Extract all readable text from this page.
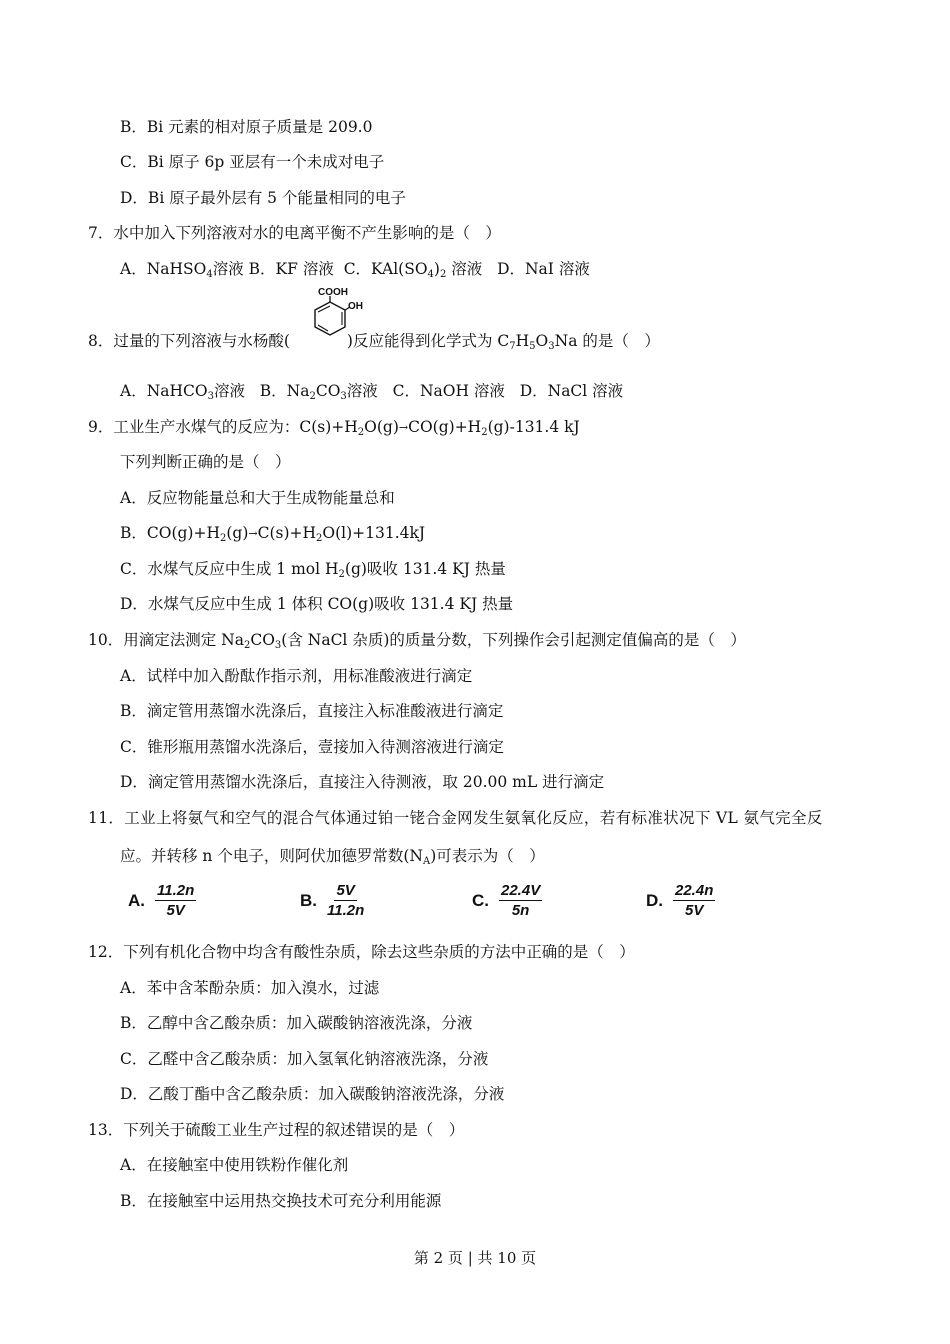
B．Bi 元素的相对原子质量是 209.0
C．Bi 原子 6p 亚层有一个未成对电子
D．Bi 原子最外层有 5 个能量相同的电子
7．水中加入下列溶液对水的电离平衡不产生影响的是（　）
A．NaHSO$_4$溶液 B．KF 溶液 C．$KAl(SO_4)_2$ 溶液 D．NaI 溶液
COOH
OH
8．过量的下列溶液与水杨酸(	)反应能得到化学式为 $C_7H_5O_3Na$ 的是（　）
A．NaHCO$_3$溶液 B．$Na_2CO_3$溶液 C．NaOH 溶液 D．NaCl 溶液
9．工业生产水煤气的反应为：$C(s)+H_2O(g)\to CO(g)+H_2(g)-131.4$ kJ
下列判断正确的是（　）
A．反应物能量总和大于生成物能量总和
B．$CO(g)+H_2(g)\to C(s)+H_2O(l)+131.4kJ$
C．水煤气反应中生成 1 mol $H_2(g)$吸收 131.4 KJ 热量
D．水煤气反应中生成 1 体积 CO(g)吸收 131.4 KJ 热量
10．用滴定法测定 $Na_2CO_3$(含 NaCl 杂质)的质量分数，下列操作会引起测定值偏高的是（　）
A．试样中加入酚酞作指示剂，用标准酸液进行滴定
B．滴定管用蒸馏水洗涤后，直接注入标准酸液进行滴定
C．锥形瓶用蒸馏水洗涤后，壹接加入待测溶液进行滴定
D．滴定管用蒸馏水洗涤后，直接注入待测液，取 20.00 mL 进行滴定
11．工业上将氨气和空气的混合气体通过铂一铑合金网发生氨氧化反应，若有标准状况下 VL 氨气完全反
应。并转移 n 个电子，则阿伏加德罗常数$(N_A)$可表示为（　）
A. $\frac{11.2n}{5V}$	B. $\frac{5V}{11.2n}$	C. $\frac{22.4V}{5n}$	D. $\frac{22.4n}{5V}$
12．下列有机化合物中均含有酸性杂质，除去这些杂质的方法中正确的是（　）
A．苯中含苯酚杂质：加入溴水，过滤
B．乙醇中含乙酸杂质：加入碳酸钠溶液洗涤，分液
C．乙醛中含乙酸杂质：加入氢氧化钠溶液洗涤，分液
D．乙酸丁酯中含乙酸杂质：加入碳酸钠溶液洗涤，分液
13．下列关于硫酸工业生产过程的叙述错误的是（　）
A．在接触室中使用铁粉作催化剂
B．在接触室中运用热交换技术可充分利用能源
第 2 页 | 共 10 页
